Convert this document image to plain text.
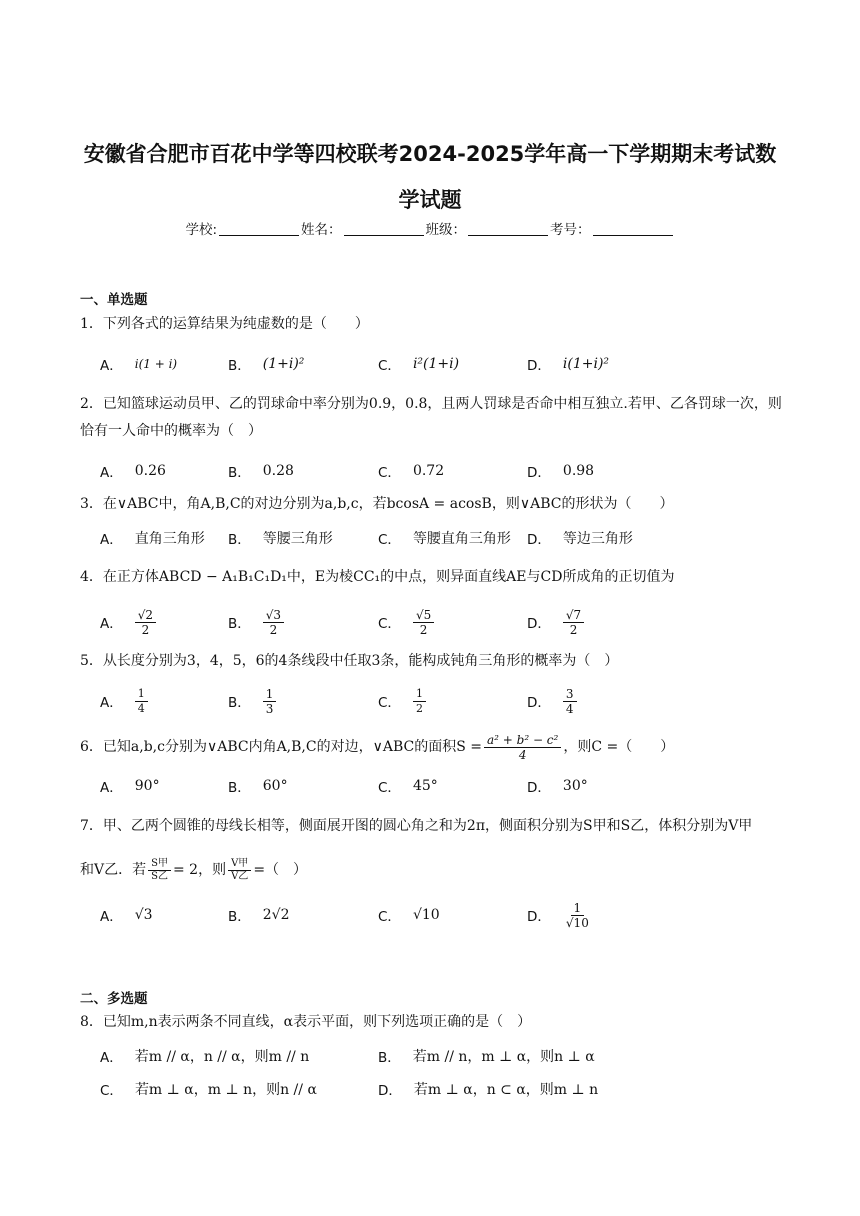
安徽省合肥市百花中学等四校联考2024-2025学年高一下学期期末考试数
学试题
学校:	姓名：	班级：	考号：
一、单选题
1．下列各式的运算结果为纯虚数的是（　　）
A． i(1 + i)	B． (1+i)²	C． i²(1+i)	D． i(1+i)²
2．已知篮球运动员甲、乙的罚球命中率分别为0.9，0.8，且两人罚球是否命中相互独立.若甲、乙各罚球一次，则恰有一人命中的概率为（　）
A． 0.26	B． 0.28	C． 0.72	D． 0.98
3．在∨ABC中，角A,B,C的对边分别为a,b,c，若bcosA = acosB，则∨ABC的形状为（　　）
A． 直角三角形 B． 等腰三角形	C． 等腰直角三角形 D． 等边三角形
4．在正方体ABCD − A₁B₁C₁D₁中，E为棱CC₁的中点，则异面直线AE与CD所成角的正切值为
A． $\frac{√2}{2}$	B． $\frac{√3}{2}$	C． $\frac{√5}{2}$	D． $\frac{√7}{2}$
5．从长度分别为3，4，5，6的4条线段中任取3条，能构成钝角三角形的概率为（　）
A． $\frac{1}{4}$	B． $\frac{1}{3}$	C． $\frac{1}{2}$	D． $\frac{3}{4}$
6．已知a,b,c分别为∨ABC内角A,B,C的对边，∨ABC的面积$S = \frac{\text{a² + b² − c²}}{4}$ ，则C =（　　）
A． 90°	B． 60°	C． 45°	D． 30°
7．甲、乙两个圆锥的母线长相等，侧面展开图的圆心角之和为2π，侧面积分别为S甲和S乙，体积分别为V甲
和V乙．若 $\frac{\text{S甲}}{\text{S乙}} = 2$，则 $\frac{\text{V甲}}{\text{V乙}}$ =（　）
A． √3	B． 2√2	C． √10	D． $\frac{1}{√10}$
二、多选题
8．已知m,n表示两条不同直线，α表示平面，则下列选项正确的是（　）
A． 若m // α，n // α，则m // n	B． 若m // n，m ⊥ α，则n ⊥ α
C． 若m ⊥ α，m ⊥ n，则n // α	D． 若m ⊥ α，n ⊂ α，则m ⊥ n
